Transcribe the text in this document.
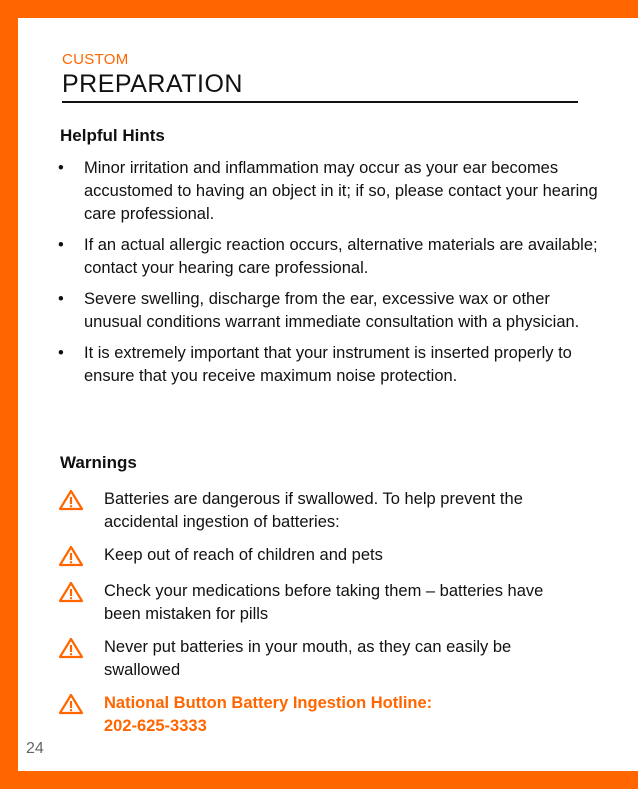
CUSTOM
PREPARATION
Helpful Hints
• Minor irritation and inflammation may occur as your ear becomes accustomed to having an object in it; if so, please contact your hearing care professional.
• If an actual allergic reaction occurs, alternative materials are available; contact your hearing care professional.
• Severe swelling, discharge from the ear, excessive wax or other unusual conditions warrant immediate consultation with a physician.
• It is extremely important that your instrument is inserted properly to ensure that you receive maximum noise protection.
Warnings
Batteries are dangerous if swallowed. To help prevent the accidental ingestion of batteries:
Keep out of reach of children and pets
Check your medications before taking them – batteries have been mistaken for pills
Never put batteries in your mouth, as they can easily be swallowed
National Button Battery Ingestion Hotline:
202-625-3333
24
